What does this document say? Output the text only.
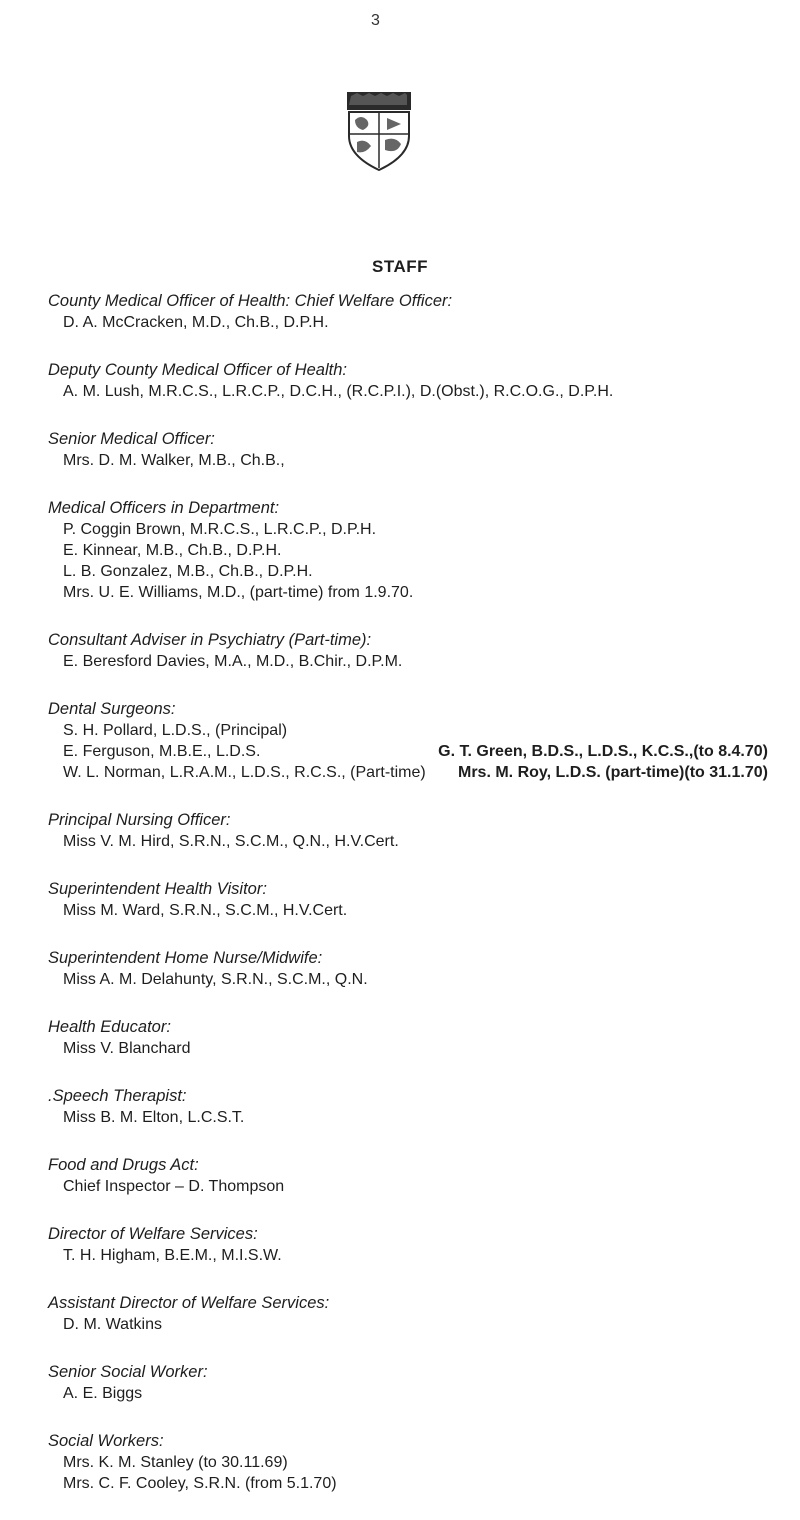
3
STAFF
County Medical Officer of Health: Chief Welfare Officer:
D. A. McCracken, M.D., Ch.B., D.P.H.
Deputy County Medical Officer of Health:
A. M. Lush, M.R.C.S., L.R.C.P., D.C.H., (R.C.P.I.), D.(Obst.), R.C.O.G., D.P.H.
Senior Medical Officer:
Mrs. D. M. Walker, M.B., Ch.B.,
Medical Officers in Department:
P. Coggin Brown, M.R.C.S., L.R.C.P., D.P.H.
E. Kinnear, M.B., Ch.B., D.P.H.
L. B. Gonzalez, M.B., Ch.B., D.P.H.
Mrs. U. E. Williams, M.D., (part-time) from 1.9.70.
Consultant Adviser in Psychiatry (Part-time):
E. Beresford Davies, M.A., M.D., B.Chir., D.P.M.
Dental Surgeons:
S. H. Pollard, L.D.S., (Principal)
E. Ferguson, M.B.E., L.D.S.	G. T. Green, B.D.S., L.D.S., K.C.S.,(to 8.4.70)
W. L. Norman, L.R.A.M., L.D.S., R.C.S., (Part-time)	Mrs. M. Roy, L.D.S. (part-time)(to 31.1.70)
Principal Nursing Officer:
Miss V. M. Hird, S.R.N., S.C.M., Q.N., H.V.Cert.
Superintendent Health Visitor:
Miss M. Ward, S.R.N., S.C.M., H.V.Cert.
Superintendent Home Nurse/Midwife:
Miss A. M. Delahunty, S.R.N., S.C.M., Q.N.
Health Educator:
Miss V. Blanchard
.Speech Therapist:
Miss B. M. Elton, L.C.S.T.
Food and Drugs Act:
Chief Inspector – D. Thompson
Director of Welfare Services:
T. H. Higham, B.E.M., M.I.S.W.
Assistant Director of Welfare Services:
D. M. Watkins
Senior Social Worker:
A. E. Biggs
Social Workers:
Mrs. K. M. Stanley (to 30.11.69)
Mrs. C. F. Cooley, S.R.N. (from 5.1.70)
